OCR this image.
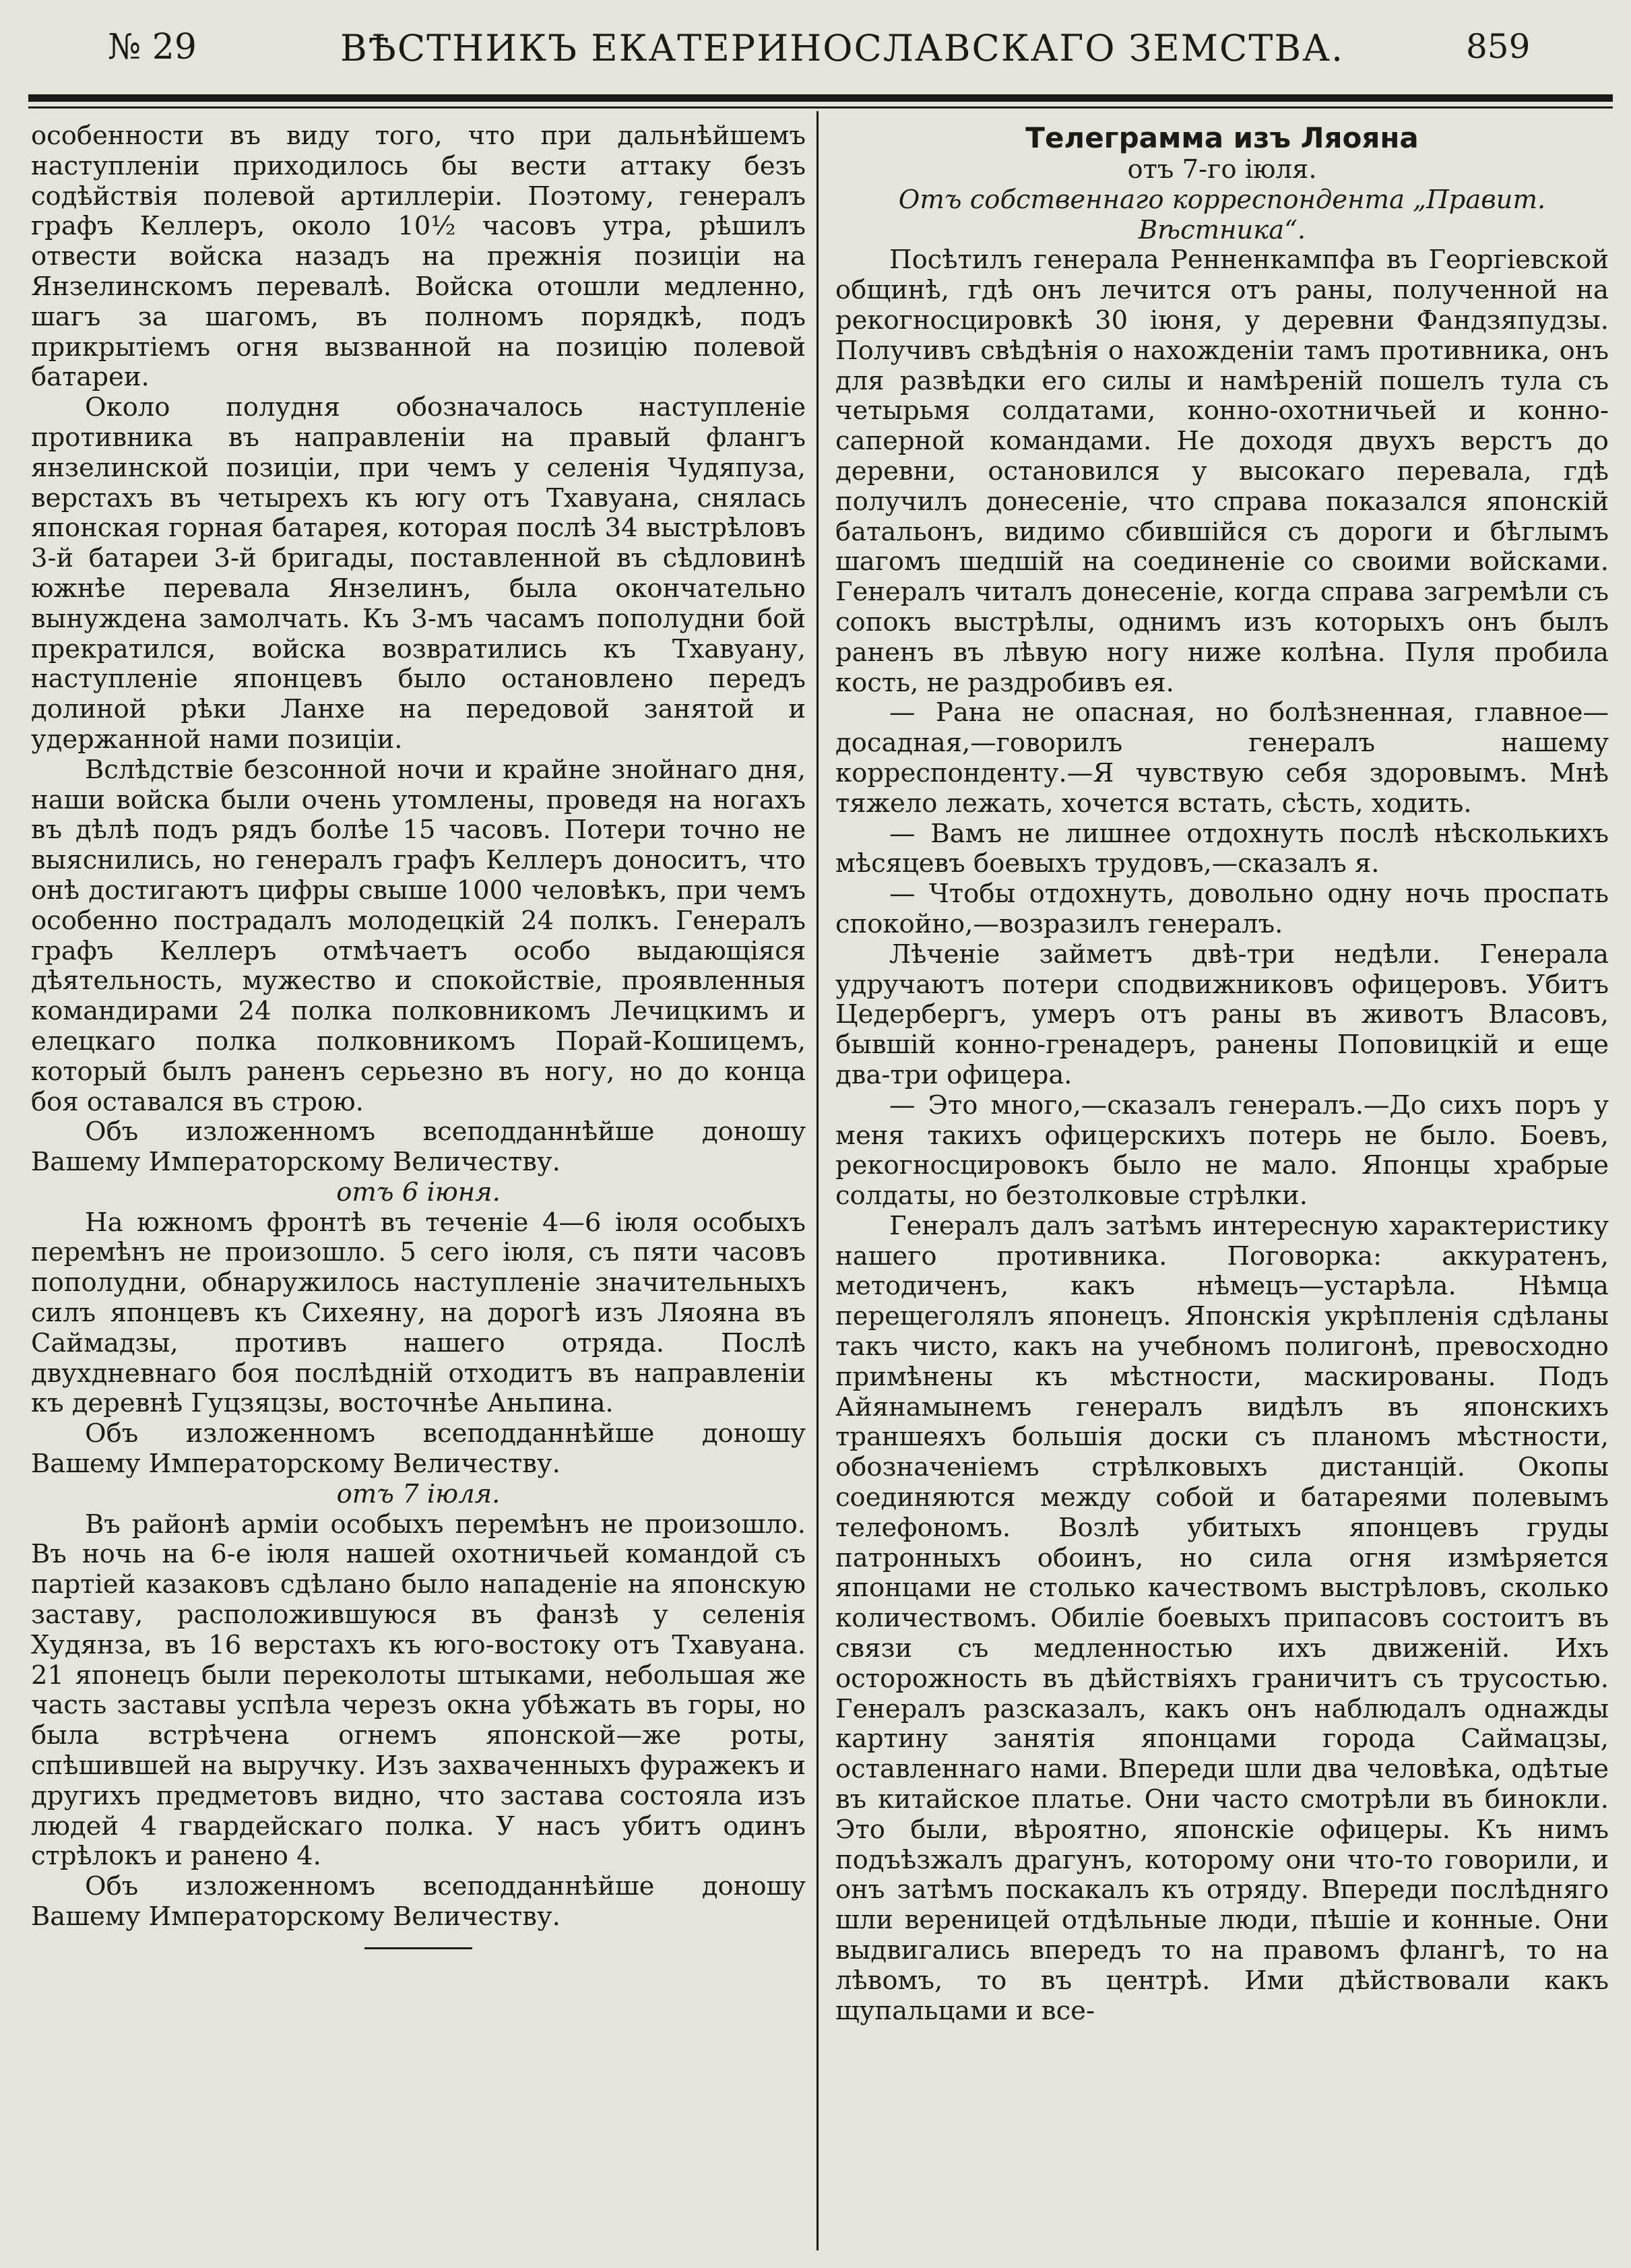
№ 29	ВѢСТНИКЪ ЕКАТЕРИНОСЛАВСКАГО ЗЕМСТВА.	859

особенности въ виду того, что при дальнѣйшемъ наступленіи приходилось бы вести аттаку безъ содѣйствія полевой артиллеріи. Поэтому, генералъ графъ Келлеръ, около 10½ часовъ утра, рѣшилъ отвести войска назадъ на прежнія позиціи на Янзелинскомъ перевалѣ. Войска отошли медленно, шагъ за шагомъ, въ полномъ порядкѣ, подъ прикрытіемъ огня вызванной на позицію полевой батареи.

Около полудня обозначалось наступленіе противника въ направленіи на правый флангъ янзелинской позиціи, при чемъ у селенія Чудяпуза, верстахъ въ четырехъ къ югу отъ Тхавуана, снялась японская горная батарея, которая послѣ 34 выстрѣловъ 3-й батареи 3-й бригады, поставленной въ сѣдловинѣ южнѣе перевала Янзелинъ, была окончательно вынуждена замолчать. Къ 3-мъ часамъ пополудни бой прекратился, войска возвратились къ Тхавуану, наступленіе японцевъ было остановлено передъ долиной рѣки Ланхе на передовой занятой и удержанной нами позиціи.

Вслѣдствіе безсонной ночи и крайне знойнаго дня, наши войска были очень утомлены, проведя на ногахъ въ дѣлѣ подъ рядъ болѣе 15 часовъ. Потери точно не выяснились, но генералъ графъ Келлеръ доноситъ, что онѣ достигаютъ цифры свыше 1000 человѣкъ, при чемъ особенно пострадалъ молодецкій 24 полкъ. Генералъ графъ Келлеръ отмѣчаетъ особо выдающіяся дѣятельность, мужество и спокойствіе, проявленныя командирами 24 полка полковникомъ Лечицкимъ и елецкаго полка полковникомъ Порай-Кошицемъ, который былъ раненъ серьезно въ ногу, но до конца боя оставался въ строю.

Объ изложенномъ всеподданнѣйше доношу Вашему Императорскому Величеству.

отъ 6 іюня.

На южномъ фронтѣ въ теченіе 4—6 іюля особыхъ перемѣнъ не произошло. 5 сего іюля, съ пяти часовъ пополудни, обнаружилось наступленіе значительныхъ силъ японцевъ къ Сихеяну, на дорогѣ изъ Ляояна въ Саймадзы, противъ нашего отряда. Послѣ двухдневнаго боя послѣдній отходитъ въ направленіи къ деревнѣ Гуцзяцзы, восточнѣе Аньпина.

Объ изложенномъ всеподданнѣйше доношу Вашему Императорскому Величеству.

отъ 7 іюля.

Въ районѣ арміи особыхъ перемѣнъ не произошло. Въ ночь на 6-е іюля нашей охотничьей командой съ партіей казаковъ сдѣлано было нападеніе на японскую заставу, расположившуюся въ фанзѣ у селенія Худянза, въ 16 верстахъ къ юго-востоку отъ Тхавуана. 21 японецъ были переколоты штыками, небольшая же часть заставы успѣла черезъ окна убѣжать въ горы, но была встрѣчена огнемъ японской—же роты, спѣшившей на выручку. Изъ захваченныхъ фуражекъ и другихъ предметовъ видно, что застава состояла изъ людей 4 гвардейскаго полка. У насъ убитъ одинъ стрѣлокъ и ранено 4.

Объ изложенномъ всеподданнѣйше доношу Вашему Императорскому Величеству.

Телеграмма изъ Ляояна

отъ 7-го іюля.

Отъ собственнаго корреспондента „Правит. Вѣстника“.

Посѣтилъ генерала Ренненкампфа въ Георгіевской общинѣ, гдѣ онъ лечится отъ раны, полученной на рекогносцировкѣ 30 іюня, у деревни Фандзяпудзы. Получивъ свѣдѣнія о нахожденіи тамъ противника, онъ для развѣдки его силы и намѣреній пошелъ тула съ четырьмя солдатами, конно-охотничьей и конно-саперной командами. Не доходя двухъ верстъ до деревни, остановился у высокаго перевала, гдѣ получилъ донесеніе, что справа показался японскій батальонъ, видимо сбившійся съ дороги и бѣглымъ шагомъ шедшій на соединеніе со своими войсками. Генералъ читалъ донесеніе, когда справа загремѣли съ сопокъ выстрѣлы, однимъ изъ которыхъ онъ былъ раненъ въ лѣвую ногу ниже колѣна. Пуля пробила кость, не раздробивъ ея.

— Рана не опасная, но болѣзненная, главное—досадная,—говорилъ генералъ нашему корреспонденту.—Я чувствую себя здоровымъ. Мнѣ тяжело лежать, хочется встать, сѣсть, ходить.

— Вамъ не лишнее отдохнуть послѣ нѣсколькихъ мѣсяцевъ боевыхъ трудовъ,—сказалъ я.

— Чтобы отдохнуть, довольно одну ночь проспать спокойно,—возразилъ генералъ.

Лѣченіе займетъ двѣ-три недѣли. Генерала удручаютъ потери сподвижниковъ офицеровъ. Убитъ Цедербергъ, умеръ отъ раны въ животъ Власовъ, бывшій конно-гренадеръ, ранены Поповицкій и еще два-три офицера.

— Это много,—сказалъ генералъ.—До сихъ поръ у меня такихъ офицерскихъ потерь не было. Боевъ, рекогносцировокъ было не мало. Японцы храбрые солдаты, но безтолковые стрѣлки.

Генералъ далъ затѣмъ интересную характеристику нашего противника. Поговорка: аккуратенъ, методиченъ, какъ нѣмецъ—устарѣла. Нѣмца перещеголялъ японецъ. Японскія укрѣпленія сдѣланы такъ чисто, какъ на учебномъ полигонѣ, превосходно примѣнены къ мѣстности, маскированы. Подъ Айянамынемъ генералъ видѣлъ въ японскихъ траншеяхъ большія доски съ планомъ мѣстности, обозначеніемъ стрѣлковыхъ дистанцій. Окопы соединяются между собой и батареями полевымъ телефономъ. Возлѣ убитыхъ японцевъ груды патронныхъ обоинъ, но сила огня измѣряется японцами не столько качествомъ выстрѣловъ, сколько количествомъ. Обиліе боевыхъ припасовъ состоитъ въ связи съ медленностью ихъ движеній. Ихъ осторожность въ дѣйствіяхъ граничитъ съ трусостью. Генералъ разсказалъ, какъ онъ наблюдалъ однажды картину занятія японцами города Саймацзы, оставленнаго нами. Впереди шли два человѣка, одѣтые въ китайское платье. Они часто смотрѣли въ бинокли. Это были, вѣроятно, японскіе офицеры. Къ нимъ подъѣзжалъ драгунъ, которому они что-то говорили, и онъ затѣмъ поскакалъ къ отряду. Впереди послѣдняго шли вереницей отдѣльные люди, пѣшіе и конные. Они выдвигались впередъ то на правомъ флангѣ, то на лѣвомъ, то въ центрѣ. Ими дѣйствовали какъ щупальцами и все-
